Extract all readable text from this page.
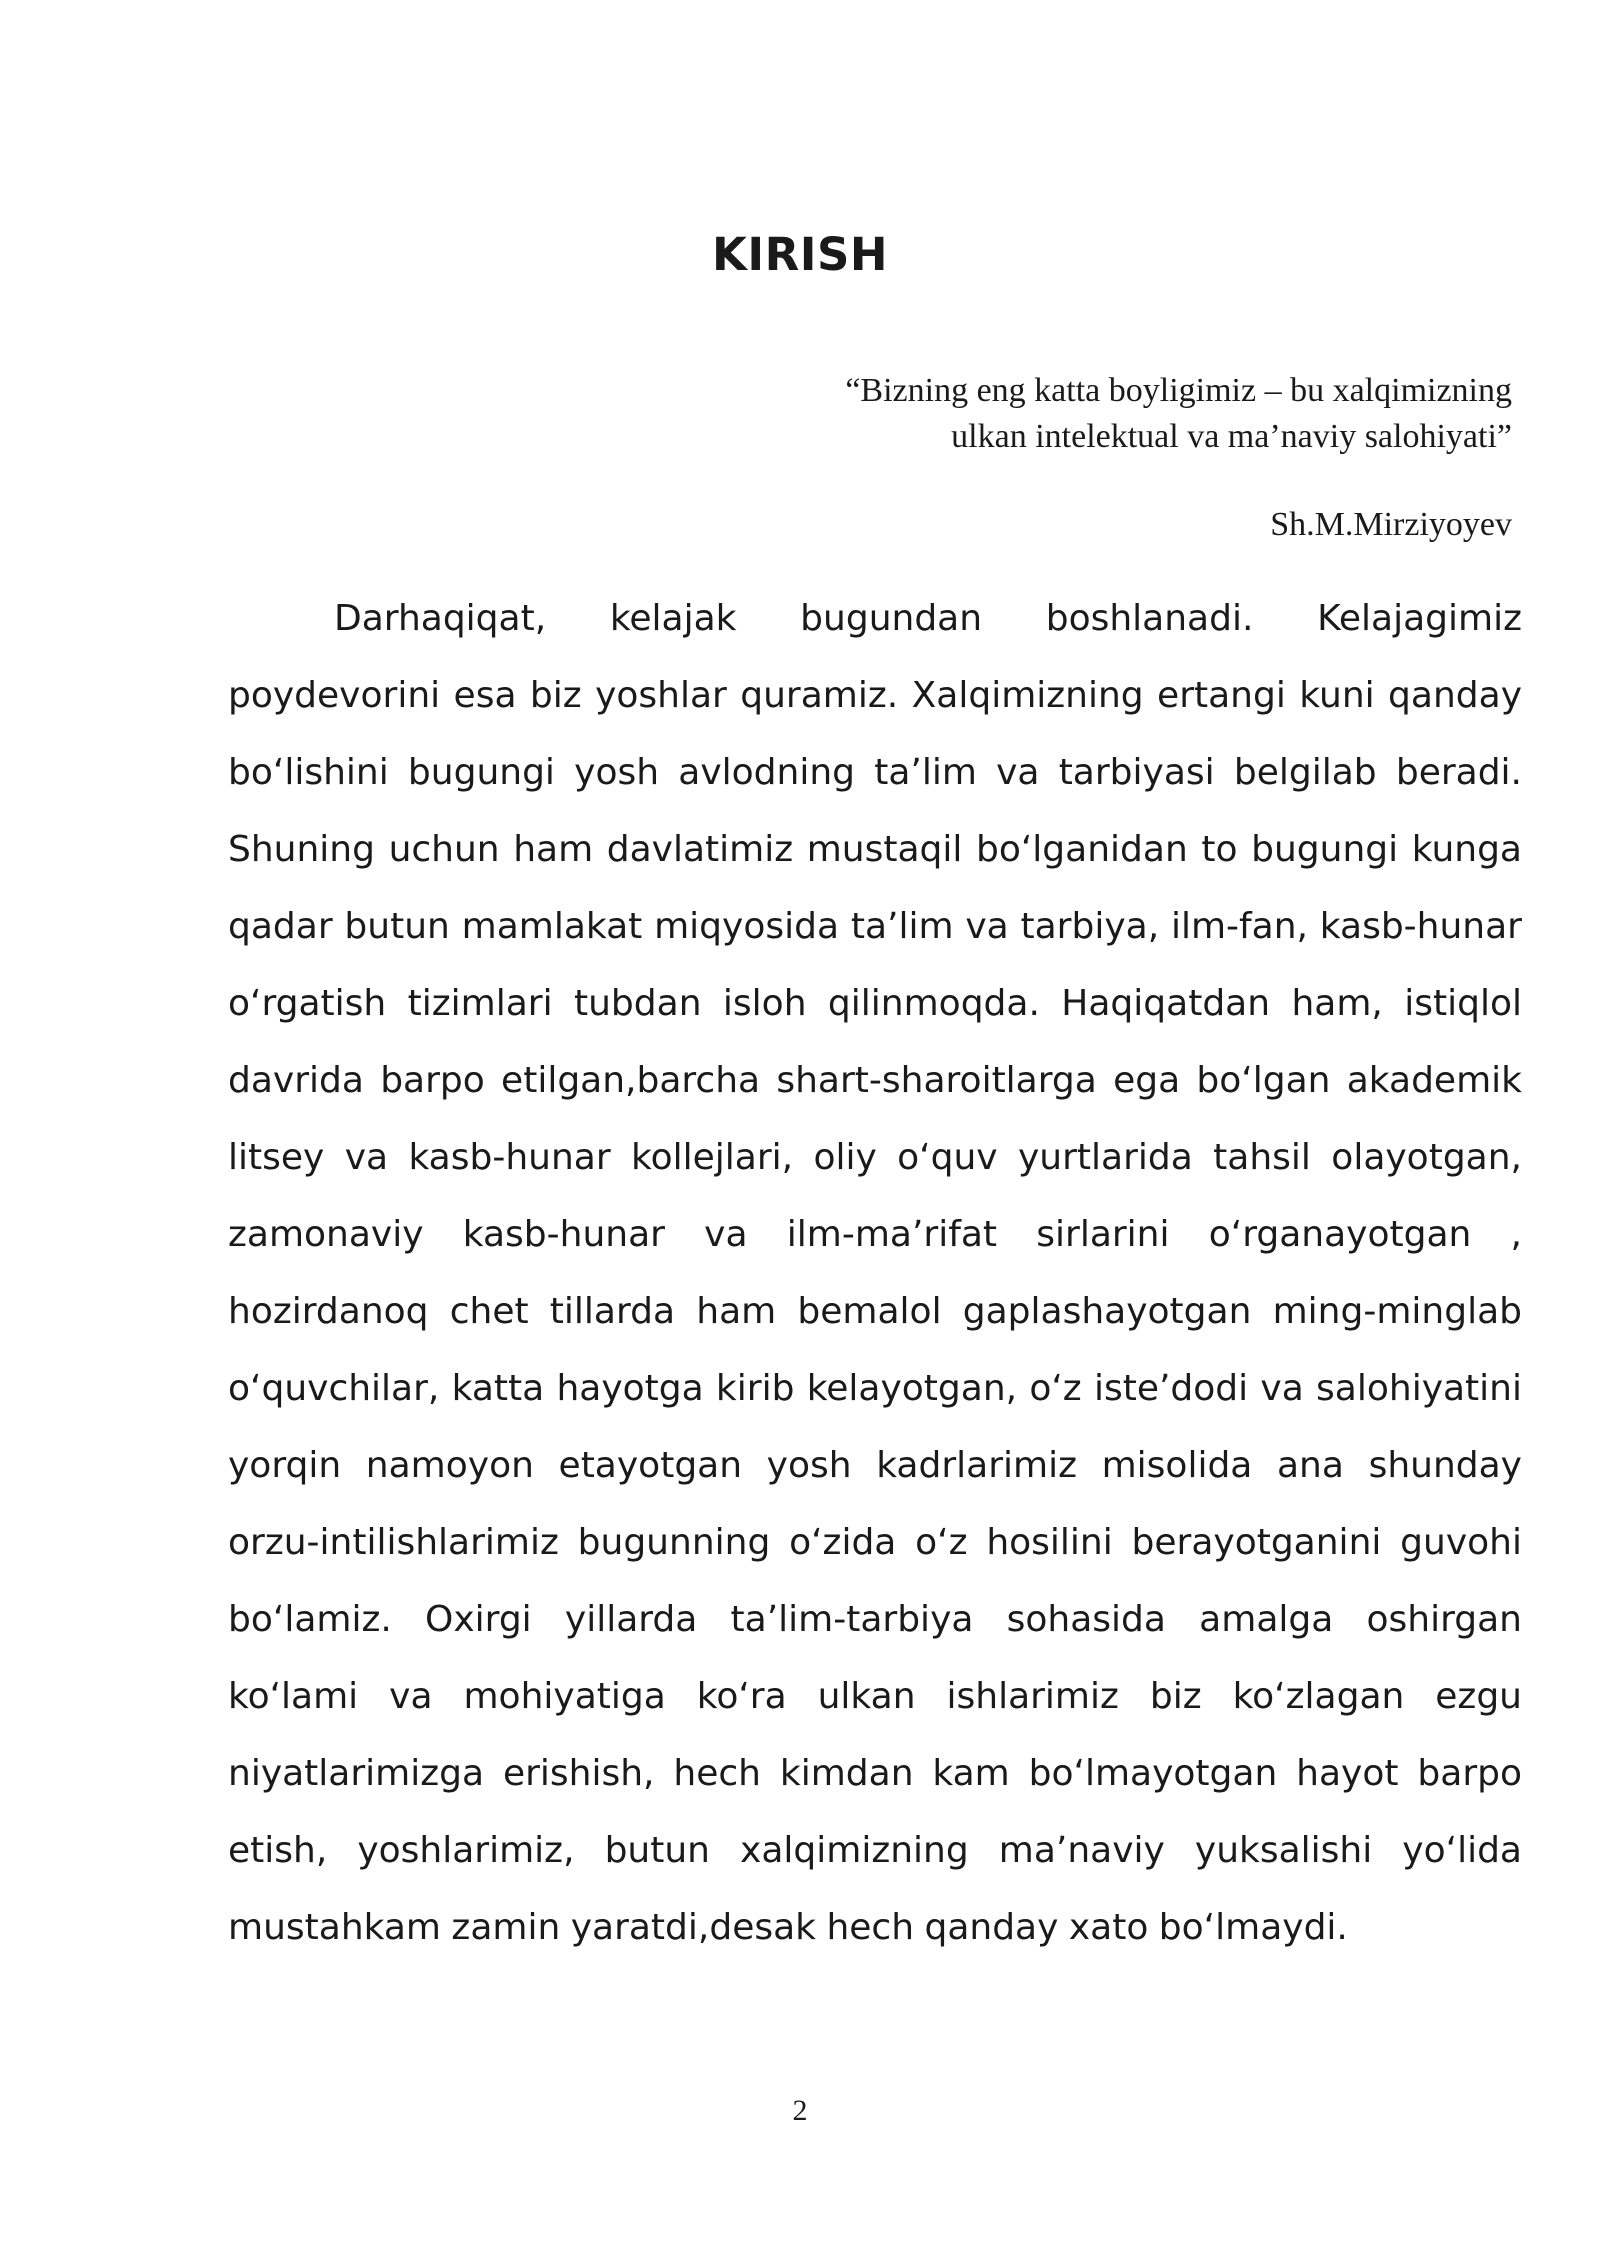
KIRISH
“Bizning eng katta boyligimiz – bu xalqimizning
ulkan intelektual va ma’naviy salohiyati”
Sh.M.Mirziyoyev

Darhaqiqat, kelajak bugundan boshlanadi. Kelajagimiz poydevorini esa biz yoshlar quramiz. Xalqimizning ertangi kuni qanday bo‘lishini bugungi yosh avlodning ta’lim va tarbiyasi belgilab beradi. Shuning uchun ham davlatimiz mustaqil bo‘lganidan to bugungi kunga qadar butun mamlakat miqyosida ta’lim va tarbiya, ilm-fan, kasb-hunar o‘rgatish tizimlari tubdan isloh qilinmoqda. Haqiqatdan ham, istiqlol davrida barpo etilgan,barcha shart-sharoitlarga ega bo‘lgan akademik litsey va kasb-hunar kollejlari, oliy o‘quv yurtlarida tahsil olayotgan, zamonaviy kasb-hunar va ilm-ma’rifat sirlarini o‘rganayotgan , hozirdanoq chet tillarda ham bemalol gaplashayotgan ming-minglab o‘quvchilar, katta hayotga kirib kelayotgan, o‘z iste’dodi va salohiyatini yorqin namoyon etayotgan yosh kadrlarimiz misolida ana shunday orzu-intilishlarimiz bugunning o‘zida o‘z hosilini berayotganini guvohi bo‘lamiz. Oxirgi yillarda ta’lim-tarbiya sohasida amalga oshirgan ko‘lami va mohiyatiga ko‘ra ulkan ishlarimiz biz ko‘zlagan ezgu niyatlarimizga erishish, hech kimdan kam bo‘lmayotgan hayot barpo etish, yoshlarimiz, butun xalqimizning ma’naviy yuksalishi yo‘lida mustahkam zamin yaratdi,desak hech qanday xato bo‘lmaydi.

2
